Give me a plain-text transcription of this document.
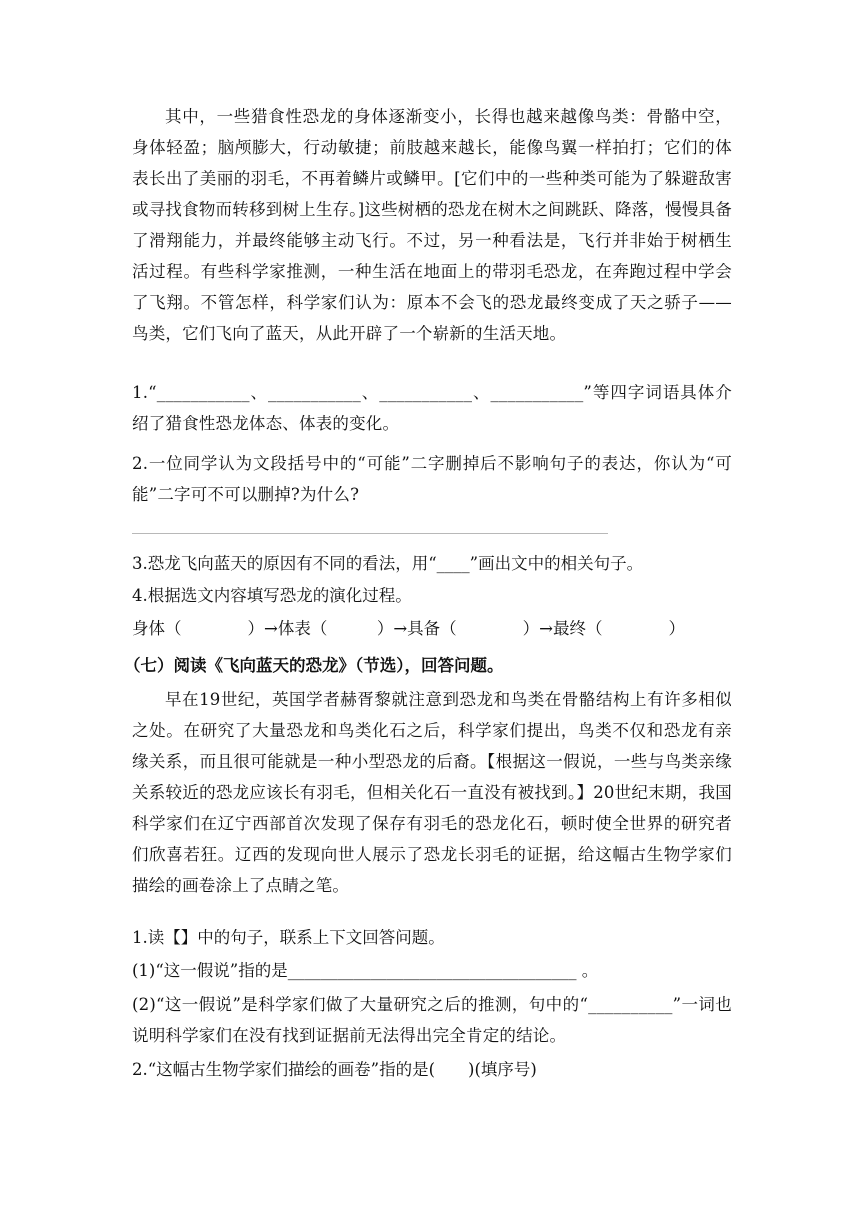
其中，一些猎食性恐龙的身体逐渐变小，长得也越来越像鸟类：骨骼中空，身体轻盈；脑颅膨大，行动敏捷；前肢越来越长，能像鸟翼一样拍打；它们的体表长出了美丽的羽毛，不再着鳞片或鳞甲。[它们中的一些种类可能为了躲避敌害或寻找食物而转移到树上生存。]这些树栖的恐龙在树木之间跳跃、降落，慢慢具备了滑翔能力，并最终能够主动飞行。不过，另一种看法是，飞行并非始于树栖生活过程。有些科学家推测，一种生活在地面上的带羽毛恐龙，在奔跑过程中学会了飞翔。不管怎样，科学家们认为：原本不会飞的恐龙最终变成了天之骄子——鸟类，它们飞向了蓝天，从此开辟了一个崭新的生活天地。
1.“___________、___________、___________、___________”等四字词语具体介绍了猎食性恐龙体态、体表的变化。
2.一位同学认为文段括号中的“可能”二字删掉后不影响句子的表达，你认为“可能”二字可不可以删掉?为什么?
3.恐龙飞向蓝天的原因有不同的看法，用“____”画出文中的相关句子。
4.根据选文内容填写恐龙的演化过程。
身体（　　　　）→体表（　　　）→具备（　　　　）→最终（　　　　）
（七）阅读《飞向蓝天的恐龙》（节选），回答问题。
早在19世纪，英国学者赫胥黎就注意到恐龙和鸟类在骨骼结构上有许多相似之处。在研究了大量恐龙和鸟类化石之后，科学家们提出，鸟类不仅和恐龙有亲缘关系，而且很可能就是一种小型恐龙的后裔。【根据这一假说，一些与鸟类亲缘关系较近的恐龙应该长有羽毛，但相关化石一直没有被找到。】20世纪末期，我国科学家们在辽宁西部首次发现了保存有羽毛的恐龙化石，顿时使全世界的研究者们欣喜若狂。辽西的发现向世人展示了恐龙长羽毛的证据，给这幅古生物学家们描绘的画卷涂上了点睛之笔。
1.读【】中的句子，联系上下文回答问题。
(1)“这一假说”指的是___________________________________ 。
(2)“这一假说”是科学家们做了大量研究之后的推测，句中的“__________”一词也说明科学家们在没有找到证据前无法得出完全肯定的结论。
2.“这幅古生物学家们描绘的画卷”指的是(　　)(填序号)
